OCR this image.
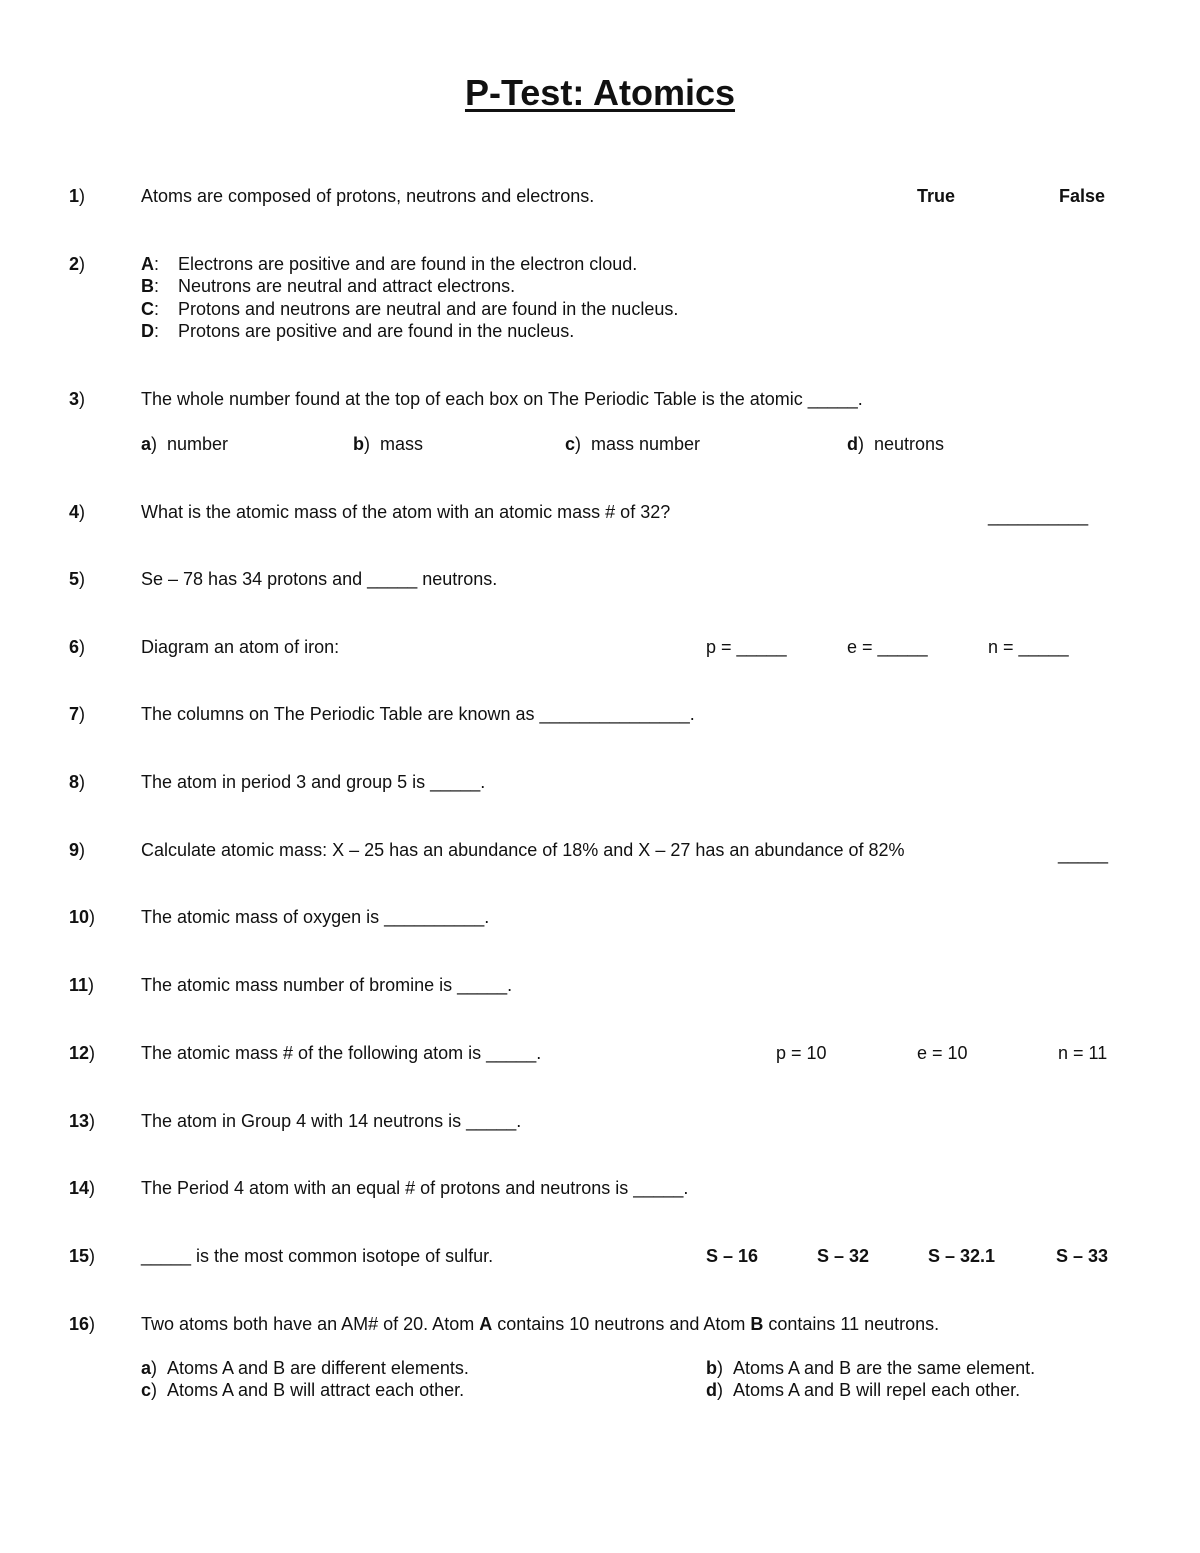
P-Test: Atomics
1)	Atoms are composed of protons, neutrons and electrons.	True	False
2)	A: Electrons are positive and are found in the electron cloud.
B: Neutrons are neutral and attract electrons.
C: Protons and neutrons are neutral and are found in the nucleus.
D: Protons are positive and are found in the nucleus.
3)	The whole number found at the top of each box on The Periodic Table is the atomic _____.
a)  number	b)  mass	c)  mass number	d)  neutrons
4)	What is the atomic mass of the atom with an atomic mass # of 32?	__________
5)	Se – 78 has 34 protons and _____ neutrons.
6)	Diagram an atom of iron:	p = _____	e = _____	n = _____
7)	The columns on The Periodic Table are known as _______________.
8)	The atom in period 3 and group 5 is _____.
9)	Calculate atomic mass: X – 25 has an abundance of 18% and X – 27 has an abundance of 82%	_____
10)	The atomic mass of oxygen is __________.
11)	The atomic mass number of bromine is _____.
12)	The atomic mass # of the following atom is _____.	p = 10	e = 10	n = 11
13)	The atom in Group 4 with 14 neutrons is _____.
14)	The Period 4 atom with an equal # of protons and neutrons is _____.
15)	_____ is the most common isotope of sulfur.	S – 16	S – 32	S – 32.1	S – 33
16)	Two atoms both have an AM# of 20. Atom A contains 10 neutrons and Atom B contains 11 neutrons.
a)  Atoms A and B are different elements.	b)  Atoms A and B are the same element.
c)  Atoms A and B will attract each other.	d)  Atoms A and B will repel each other.
